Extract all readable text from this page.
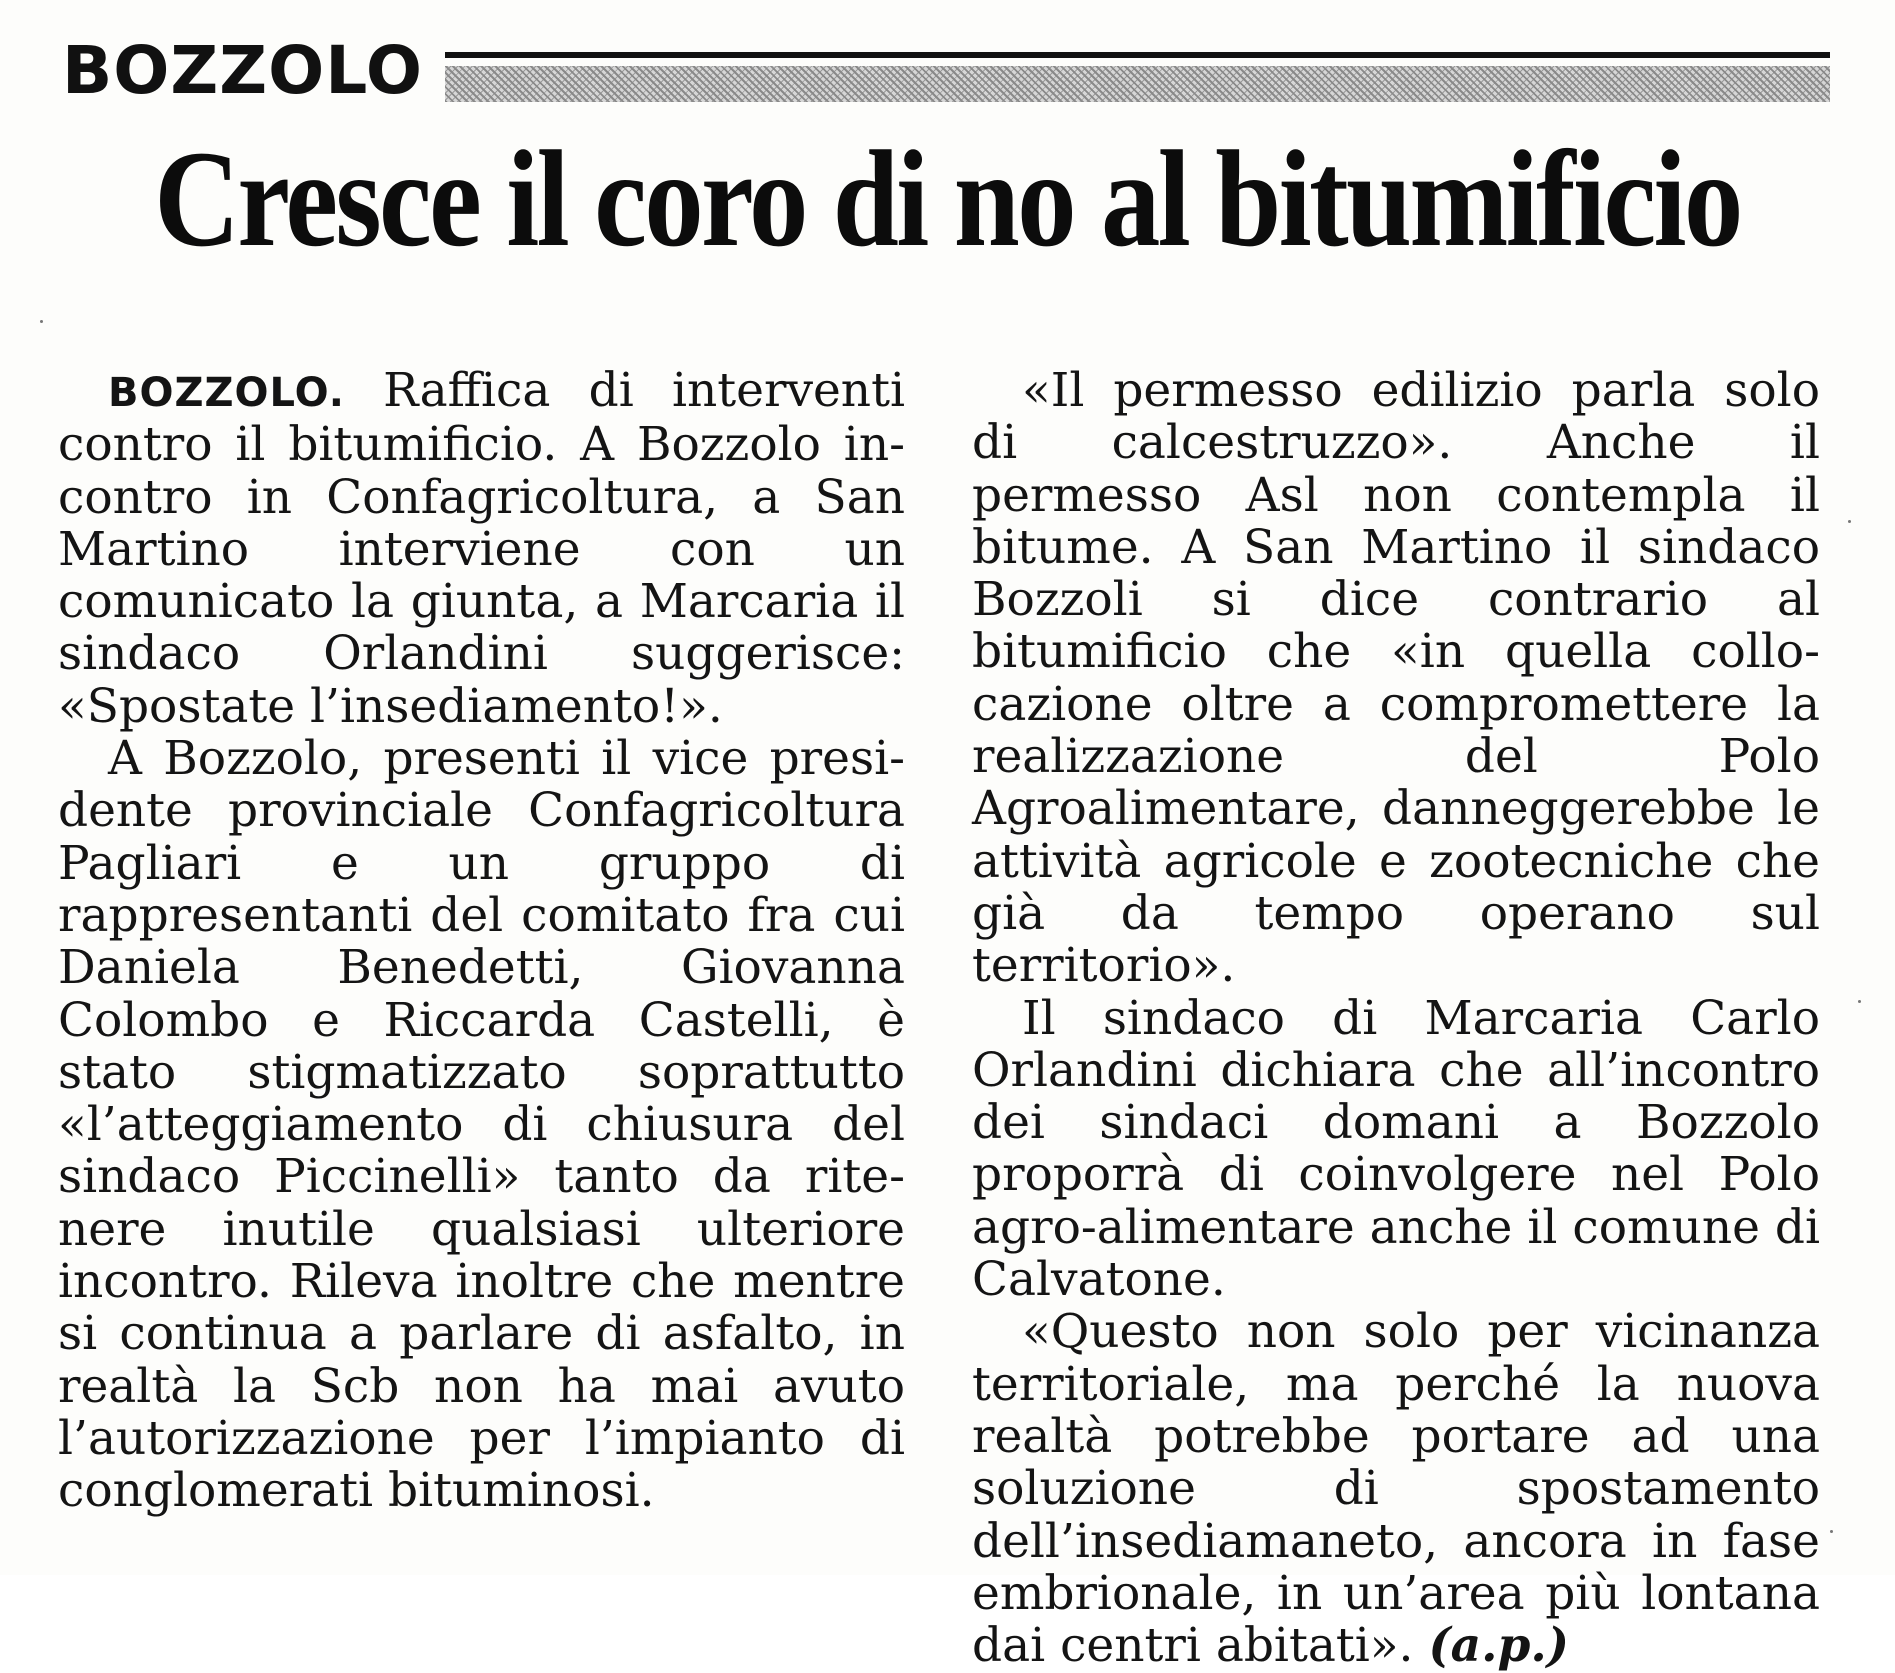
BOZZOLO
Cresce il coro di no al bitumificio

BOZZOLO. Raffica di interventi contro il bitumificio. A Bozzolo incontro in Confagricoltura, a San Martino interviene con un comunicato la giunta, a Marcaria il sindaco Orlandini suggerisce: «Spostate l’insediamento!».

A Bozzolo, presenti il vice presidente provinciale Confagricoltura Pagliari e un gruppo di rappresentanti del comitato fra cui Daniela Benedetti, Giovanna Colombo e Riccarda Castelli, è stato stigmatizzato soprattutto «l’atteggiamento di chiusura del sindaco Piccinelli» tanto da ritenere inutile qualsiasi ulteriore incontro. Rileva inoltre che mentre si continua a parlare di asfalto, in realtà la Scb non ha mai avuto l’autorizzazione per l’impianto di conglomerati bituminosi.

«Il permesso edilizio parla solo di calcestruzzo». Anche il permesso Asl non contempla il bitume. A San Martino il sindaco Bozzoli si dice contrario al bitumificio che «in quella collocazione oltre a compromettere la realizzazione del Polo Agroalimentare, danneggerebbe le attività agricole e zootecniche che già da tempo operano sul territorio».

Il sindaco di Marcaria Carlo Orlandini dichiara che all’incontro dei sindaci domani a Bozzolo proporrà di coinvolgere nel Polo agro-alimentare anche il comune di Calvatone.

«Questo non solo per vicinanza territoriale, ma perché la nuova realtà potrebbe portare ad una soluzione di spostamento dell’insediamaneto, ancora in fase embrionale, in un’area più lontana dai centri abitati». (a.p.)
